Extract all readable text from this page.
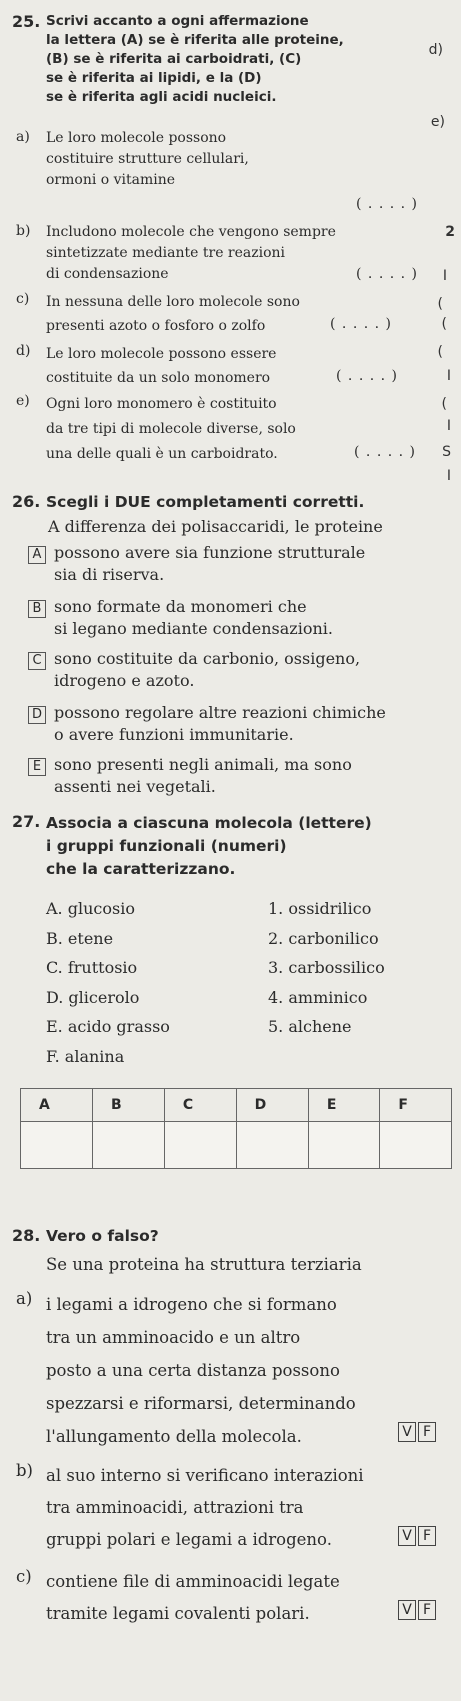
25. Scrivi accanto a ogni affermazione
la lettera (A) se è riferita alle proteine,
(B) se è riferita ai carboidrati, (C)
se è riferita ai lipidi, e la (D)
se è riferita agli acidi nucleici.
d)
e)
a) Le loro molecole possono
costituire strutture cellulari,
ormoni o vitamine
( . . . . )
b) Includono molecole che vengono sempre
sintetizzate mediante tre reazioni
di condensazione
2
( . . . . ) I
c) In nessuna delle loro molecole sono
presenti azoto o fosforo o zolfo
(
( . . . . )	(
d) Le loro molecole possono essere
costituite da un solo monomero
(
( . . . . )	I
e) Ogni loro monomero è costituito
da tre tipi di molecole diverse, solo
una delle quali è un carboidrato.
(
I
( . . . . ) S
I
26. Scegli i DUE completamenti corretti.
A differenza dei polisaccaridi, le proteine
A possono avere sia funzione strutturale
sia di riserva.
B sono formate da monomeri che
si legano mediante condensazioni.
C sono costituite da carbonio, ossigeno,
idrogeno e azoto.
D possono regolare altre reazioni chimiche
o avere funzioni immunitarie.
E sono presenti negli animali, ma sono
assenti nei vegetali.
27. Associa a ciascuna molecola (lettere)
i gruppi funzionali (numeri)
che la caratterizzano.
A. glucosio
B. etene
C. fruttosio
D. glicerolo
E. acido grasso
F. alanina
1. ossidrilico
2. carbonilico
3. carbossilico
4. amminico
5. alchene
A	B	C	D	E	F

28. Vero o falso?
Se una proteina ha struttura terziaria
a) i legami a idrogeno che si formano
tra un amminoacido e un altro
posto a una certa distanza possono
spezzarsi e riformarsi, determinando
l'allungamento della molecola.	V F
b) al suo interno si verificano interazioni
tra amminoacidi, attrazioni tra
gruppi polari e legami a idrogeno.	V F
c) contiene file di amminoacidi legate
tramite legami covalenti polari.	V F
